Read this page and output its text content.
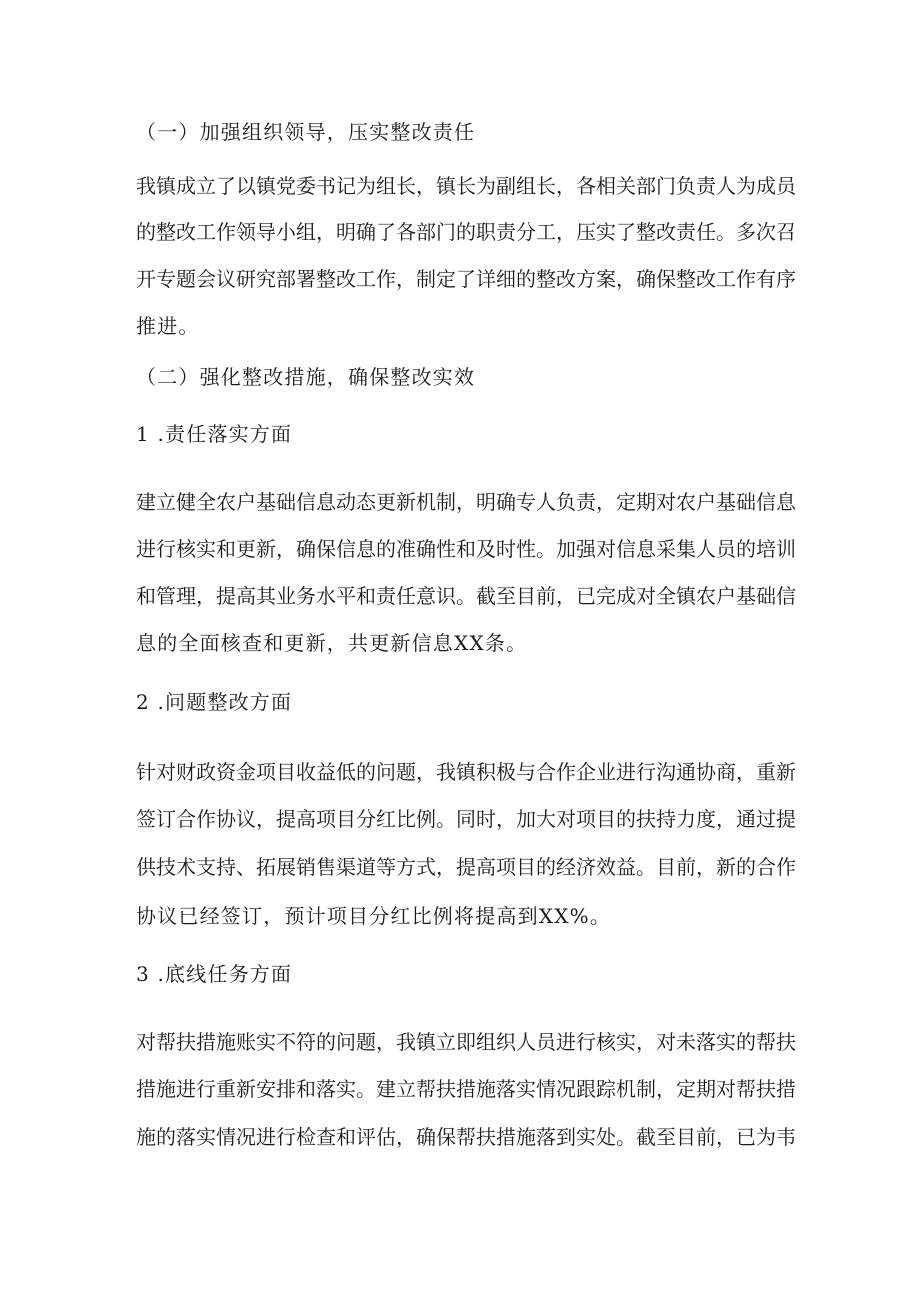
（一）加强组织领导，压实整改责任
我镇成立了以镇党委书记为组长，镇长为副组长，各相关部门负责人为成员
的整改工作领导小组，明确了各部门的职责分工，压实了整改责任。多次召
开专题会议研究部署整改工作，制定了详细的整改方案，确保整改工作有序
推进。
（二）强化整改措施，确保整改实效
1 .责任落实方面
建立健全农户基础信息动态更新机制，明确专人负责，定期对农户基础信息
进行核实和更新，确保信息的准确性和及时性。加强对信息采集人员的培训
和管理，提高其业务水平和责任意识。截至目前，已完成对全镇农户基础信
息的全面核查和更新，共更新信息XX条。
2 .问题整改方面
针对财政资金项目收益低的问题，我镇积极与合作企业进行沟通协商，重新
签订合作协议，提高项目分红比例。同时，加大对项目的扶持力度，通过提
供技术支持、拓展销售渠道等方式，提高项目的经济效益。目前，新的合作
协议已经签订，预计项目分红比例将提高到XX%。
3 .底线任务方面
对帮扶措施账实不符的问题，我镇立即组织人员进行核实，对未落实的帮扶
措施进行重新安排和落实。建立帮扶措施落实情况跟踪机制，定期对帮扶措
施的落实情况进行检查和评估，确保帮扶措施落到实处。截至目前，已为韦
